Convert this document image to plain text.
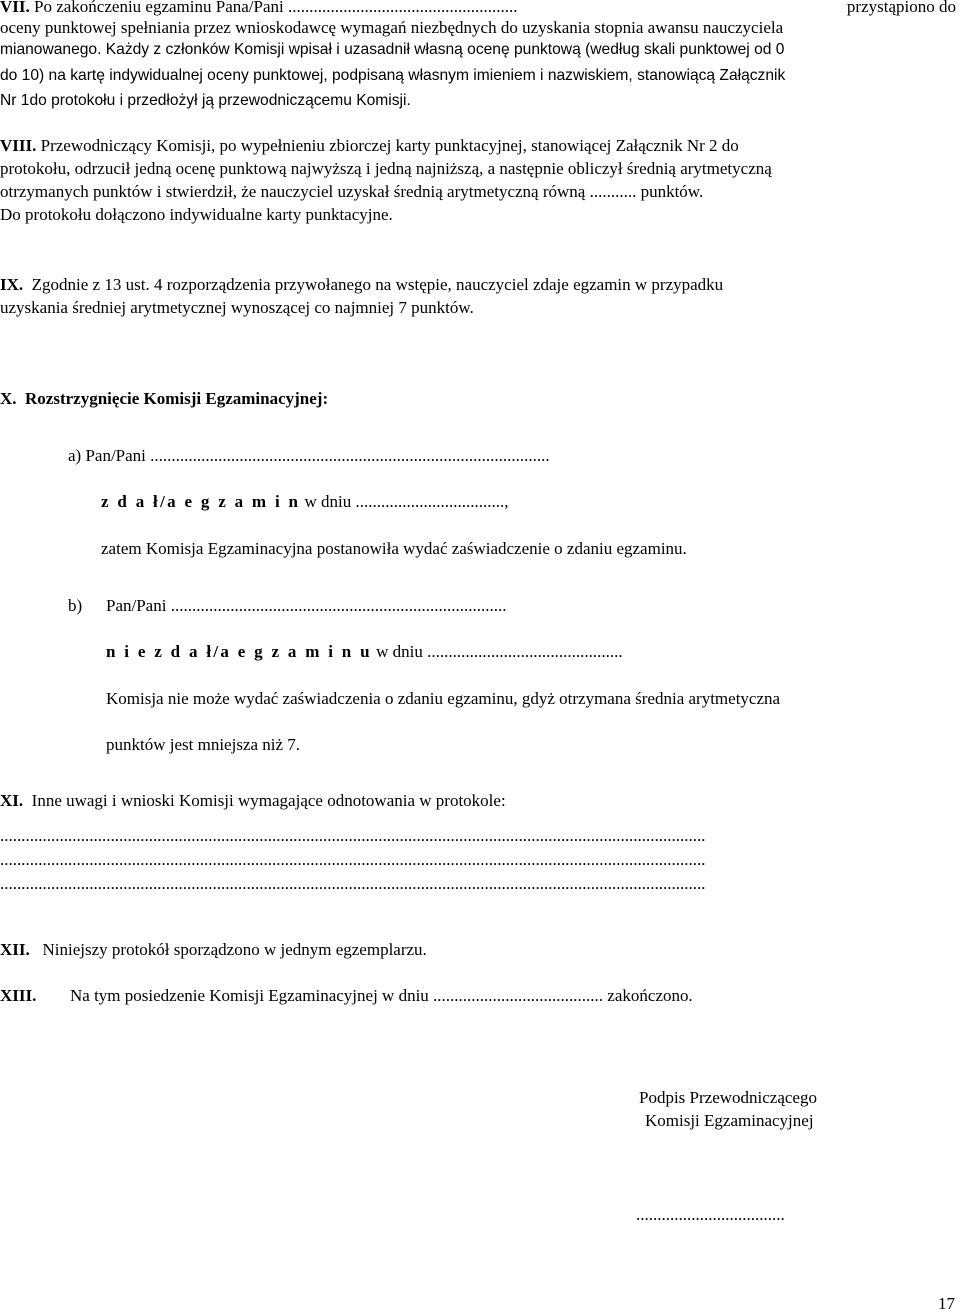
VII. Po zakończeniu egzaminu Pana/Pani ......................................................	przystąpiono do
oceny punktowej spełniania przez wnioskodawcę wymagań niezbędnych do uzyskania stopnia awansu nauczyciela
mianowanego. Każdy z członków Komisji wpisał i uzasadnił własną ocenę punktową (według skali punktowej od 0
do 10) na kartę indywidualnej oceny punktowej, podpisaną własnym imieniem i nazwiskiem, stanowiącą Załącznik
Nr 1do protokołu i przedłożył ją przewodniczącemu Komisji.
VIII. Przewodniczący Komisji, po wypełnieniu zbiorczej karty punktacyjnej, stanowiącej Załącznik Nr 2 do
protokołu, odrzucił jedną ocenę punktową najwyższą i jedną najniższą, a następnie obliczył średnią arytmetyczną
otrzymanych punktów i stwierdził, że nauczyciel uzyskał średnią arytmetyczną równą ........... punktów.
Do protokołu dołączono indywidualne karty punktacyjne.
IX. Zgodnie z 13 ust. 4 rozporządzenia przywołanego na wstępie, nauczyciel zdaje egzamin w przypadku
uzyskania średniej arytmetycznej wynoszącej co najmniej 7 punktów.
X. Rozstrzygnięcie Komisji Egzaminacyjnej:
a) Pan/Pani ..............................................................................................
z d a ł/a e g z a m i n w dniu ...................................,
zatem Komisja Egzaminacyjna postanowiła wydać zaświadczenie o zdaniu egzaminu.
b) Pan/Pani ...............................................................................
n i e z d a ł/a e g z a m i n u w dniu ..............................................
Komisja nie może wydać zaświadczenia o zdaniu egzaminu, gdyż otrzymana średnia arytmetyczna
punktów jest mniejsza niż 7.
XI. Inne uwagi i wnioski Komisji wymagające odnotowania w protokole:
......................................................................................................................................................................
......................................................................................................................................................................
......................................................................................................................................................................
XII. Niniejszy protokół sporządzono w jednym egzemplarzu.
XIII. Na tym posiedzenie Komisji Egzaminacyjnej w dniu ........................................ zakończono.
Podpis Przewodniczącego
Komisji Egzaminacyjnej
...................................
17
